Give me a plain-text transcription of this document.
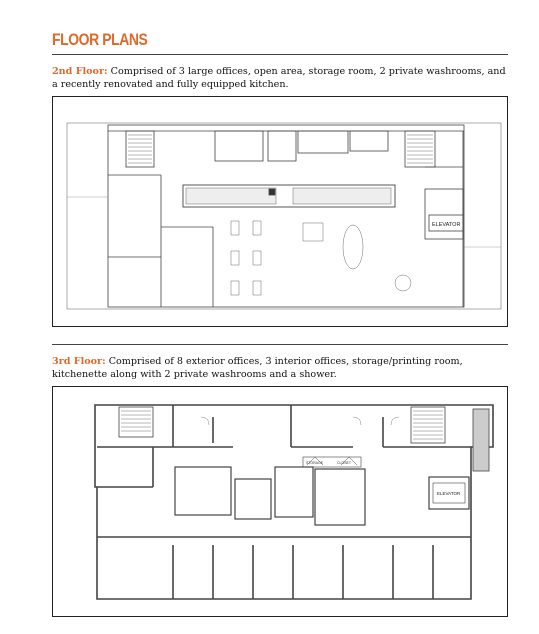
FLOOR PLANS
2nd Floor: Comprised of 3 large offices, open area, storage room, 2 private washrooms, and a recently renovated and fully equipped kitchen.
ELEVATOR
3rd Floor: Comprised of 8 exterior offices, 3 interior offices, storage/printing room, kitchenette along with 2 private washrooms and a shower.
STORAGE	CLOSET
ELEVATOR
